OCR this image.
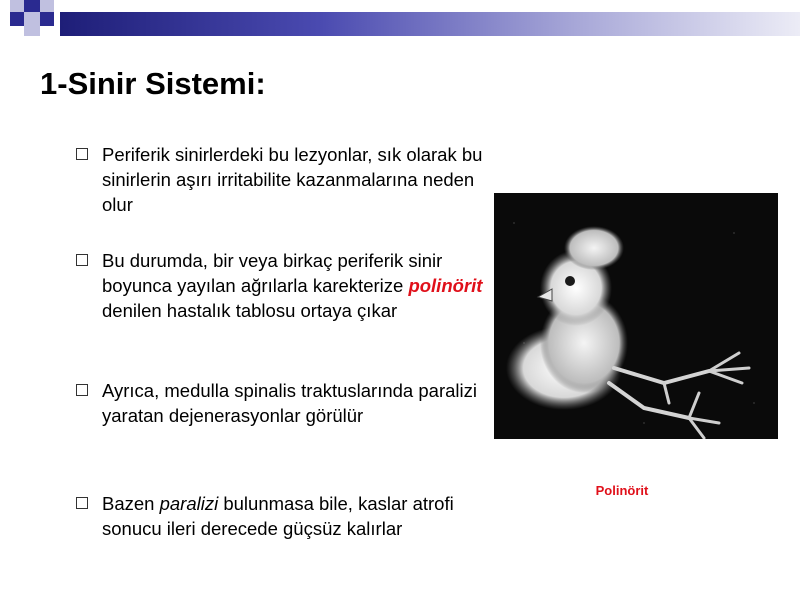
1-Sinir Sistemi:
Periferik sinirlerdeki bu lezyonlar, sık olarak bu sinirlerin aşırı irritabilite kazanmalarına neden olur
Bu durumda, bir veya birkaç periferik sinir boyunca yayılan ağrılarla karekterize polinörit denilen hastalık tablosu ortaya çıkar
Ayrıca, medulla spinalis traktuslarında paralizi yaratan dejenerasyonlar görülür
Bazen paralizi bulunmasa bile, kaslar atrofi sonucu ileri derecede güçsüz kalırlar
Polinörit
